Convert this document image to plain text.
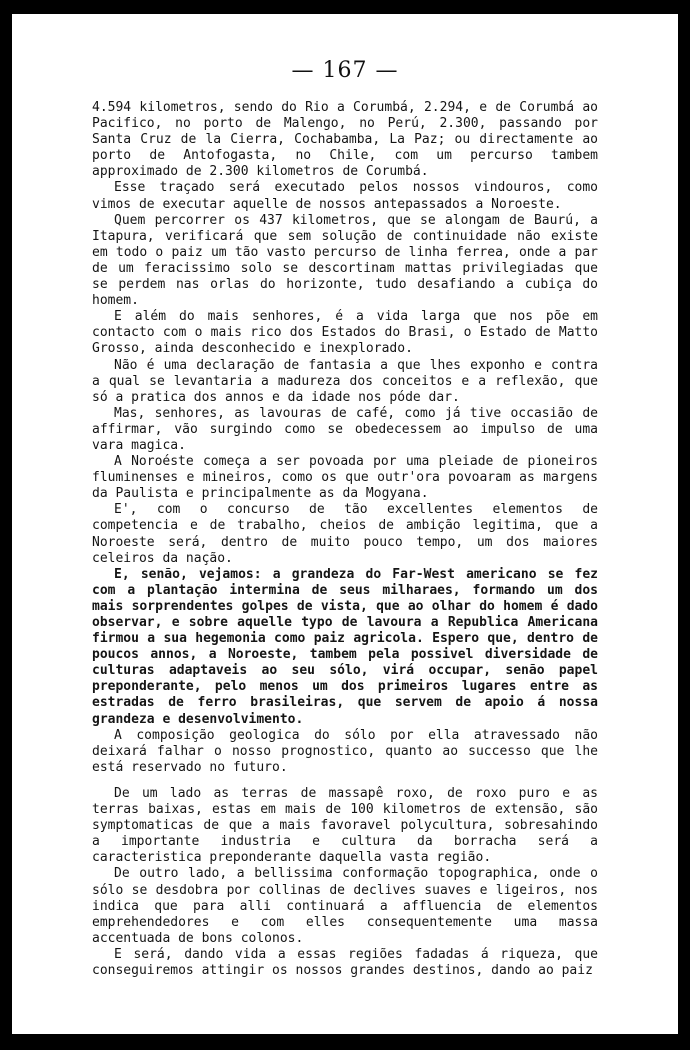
— 167 —

4.594 kilometros, sendo do Rio a Corumbá, 2.294, e de Corumbá ao Pacifico, no porto de Malengo, no Perú, 2.300, passando por Santa Cruz de la Cierra, Cochabamba, La Paz; ou directamente ao porto de Antofogasta, no Chile, com um percurso tambem approximado de 2.300 kilometros de Corumbá.

Esse traçado será executado pelos nossos vindouros, como vimos de executar aquelle de nossos antepassados a Noroeste.

Quem percorrer os 437 kilometros, que se alongam de Baurú, a Itapura, verificará que sem solução de continuidade não existe em todo o paiz um tão vasto percurso de linha ferrea, onde a par de um feracissimo solo se descortinam mattas privilegiadas que se perdem nas orlas do horizonte, tudo desafiando a cubiça do homem.

E além do mais senhores, é a vida larga que nos põe em contacto com o mais rico dos Estados do Brasi, o Estado de Matto Grosso, ainda desconhecido e inexplorado.

Não é uma declaração de fantasia a que lhes exponho e contra a qual se levantaria a madureza dos conceitos e a reflexão, que só a pratica dos annos e da idade nos póde dar.

Mas, senhores, as lavouras de café, como já tive occasião de affirmar, vão surgindo como se obedecessem ao impulso de uma vara magica.

A Noroéste começa a ser povoada por uma pleiade de pioneiros fluminenses e mineiros, como os que outr'ora povoaram as margens da Paulista e principalmente as da Mogyana.

E', com o concurso de tão excellentes elementos de competencia e de trabalho, cheios de ambição legitima, que a Noroeste será, dentro de muito pouco tempo, um dos maiores celeiros da nação.

E, senão, vejamos: a grandeza do Far-West americano se fez com a plantação intermina de seus milharaes, formando um dos mais sorprendentes golpes de vista, que ao olhar do homem é dado observar, e sobre aquelle typo de lavoura a Republica Americana firmou a sua hegemonia como paiz agricola. Espero que, dentro de poucos annos, a Noroeste, tambem pela possivel diversidade de culturas adaptaveis ao seu sólo, virá occupar, senão papel preponderante, pelo menos um dos primeiros lugares entre as estradas de ferro brasileiras, que servem de apoio á nossa grandeza e desenvolvimento.

A composição geologica do sólo por ella atravessado não deixará falhar o nosso prognostico, quanto ao successo que lhe está reservado no futuro.

De um lado as terras de massapê roxo, de roxo puro e as terras baixas, estas em mais de 100 kilometros de extensão, são symptomaticas de que a mais favoravel polycultura, sobresahindo a importante industria e cultura da borracha será a caracteristica preponderante daquella vasta região.

De outro lado, a bellissima conformação topographica, onde o sólo se desdobra por collinas de declives suaves e ligeiros, nos indica que para alli continuará a affluencia de elementos emprehendedores e com elles consequentemente uma massa accentuada de bons colonos.

E será, dando vida a essas regiões fadadas á riqueza, que conseguiremos attingir os nossos grandes destinos, dando ao paiz
